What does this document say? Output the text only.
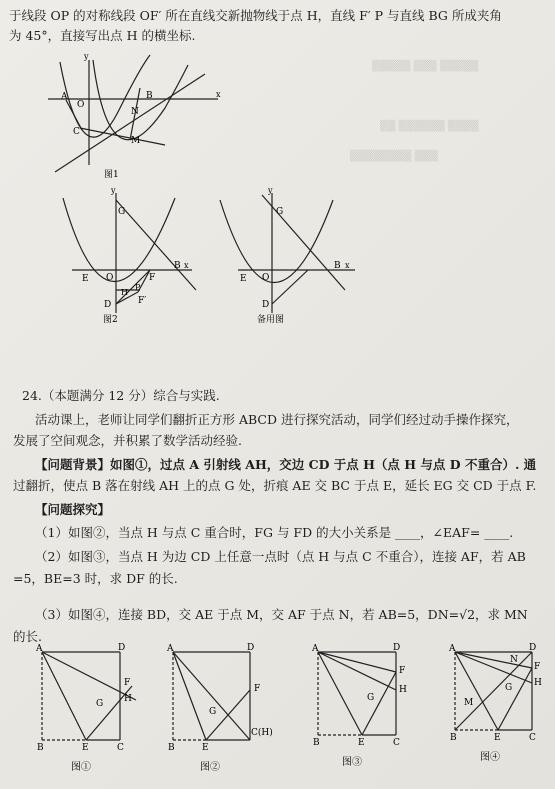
▒▒▒▒▒ ▒▒▒ ▒▒▒▒▒
▒▒ ▒▒▒▒▒▒ ▒▒▒▒
▒▒▒▒▒▒▒▒ ▒▒▒
于线段 OP 的对称线段 OF′ 所在直线交新抛物线于点 H，直线 F′ P 与直线 BG 所成夹角
为 45°，直接写出点 H 的横坐标.
y
x
A
O
B
N
C
M
图1
y
G
E O	F
B x
H
P
F′
D
图2
y
G
E O
B x
D
备用图
24.（本题满分 12 分）综合与实践.
活动课上，老师让同学们翻折正方形 ABCD 进行探究活动，同学们经过动手操作探究，
发展了空间观念，并积累了数学活动经验.
【问题背景】如图①，过点 A 引射线 AH，交边 CD 于点 H（点 H 与点 D 不重合）. 通
过翻折，使点 B 落在射线 AH 上的点 G 处，折痕 AE 交 BC 于点 E，延长 EG 交 CD 于点 F.
【问题探究】
（1）如图②，当点 H 与点 C 重合时，FG 与 FD 的大小关系是 ____，∠EAF= ____.
（2）如图③，当点 H 为边 CD 上任意一点时（点 H 与点 C 不重合），连接 AF，若 AB
=5，BE=3 时，求 DF 的长.
（3）如图④，连接 BD，交 AE 于点 M，交 AF 于点 N，若 AB=5，DN=√2，求 MN
的长.
A	D
F
H
G
B	E	C
图①
A	D
F
G
B	E
C(H)
图②
A	D
F
H
G
B	E	C
图③
A	D
N
F
H
M
G
B	E	C
图④
